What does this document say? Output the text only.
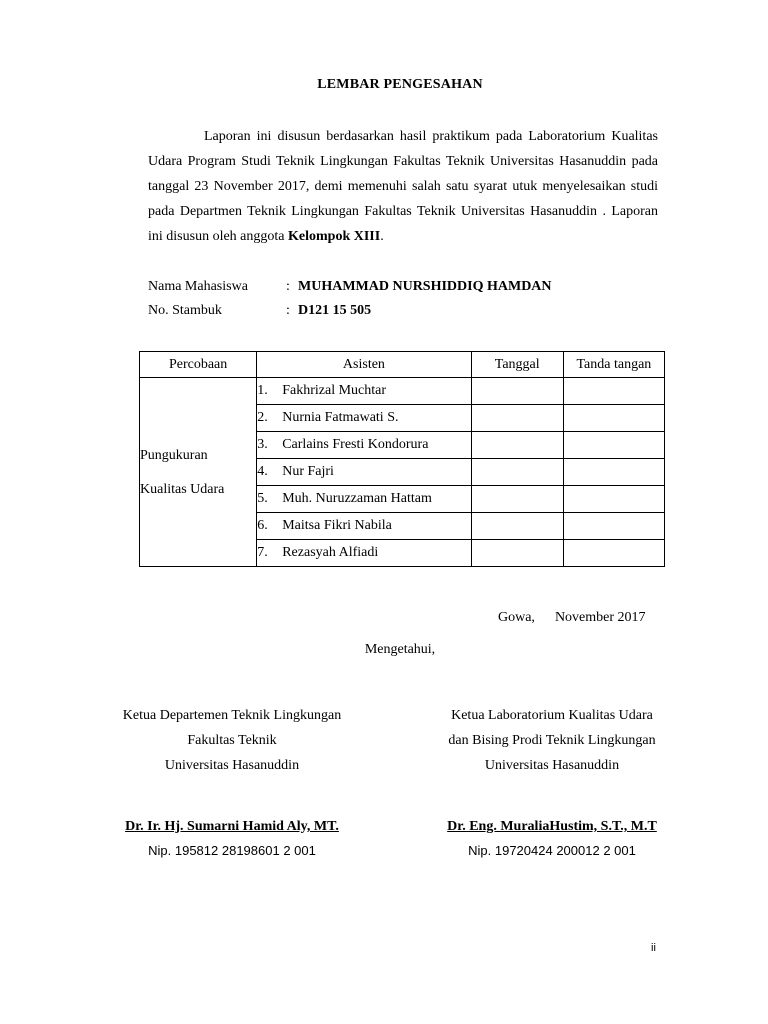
LEMBAR PENGESAHAN
Laporan ini disusun berdasarkan hasil praktikum pada Laboratorium Kualitas Udara Program Studi Teknik Lingkungan Fakultas Teknik Universitas Hasanuddin pada tanggal 23 November 2017, demi memenuhi salah satu syarat utuk menyelesaikan studi pada Departmen Teknik Lingkungan Fakultas Teknik Universitas Hasanuddin . Laporan ini disusun oleh anggota Kelompok XIII.
Nama Mahasiswa	: MUHAMMAD NURSHIDDIQ HAMDAN
No. Stambuk	: D121 15 505
Percobaan	Asisten	Tanggal	Tanda tangan

Pungukuran
Kualitas Udara	1. Fakhrizal Muchtar		
	2. Nurnia Fatmawati S.		
	3. Carlains Fresti Kondorura		
	4. Nur Fajri		
	5. Muh. Nuruzzaman Hattam		
	6. Maitsa Fikri Nabila		
	7. Rezasyah Alfiadi		
Gowa, November 2017
Mengetahui,
Ketua Departemen Teknik Lingkungan
Fakultas Teknik
Universitas Hasanuddin
Ketua Laboratorium Kualitas Udara
dan Bising Prodi Teknik Lingkungan
Universitas Hasanuddin
Dr. Ir. Hj. Sumarni Hamid Aly, MT.	Dr. Eng. MuraliaHustim, S.T., M.T
Nip. 195812 28198601 2 001	Nip. 19720424 200012 2 001
ii
